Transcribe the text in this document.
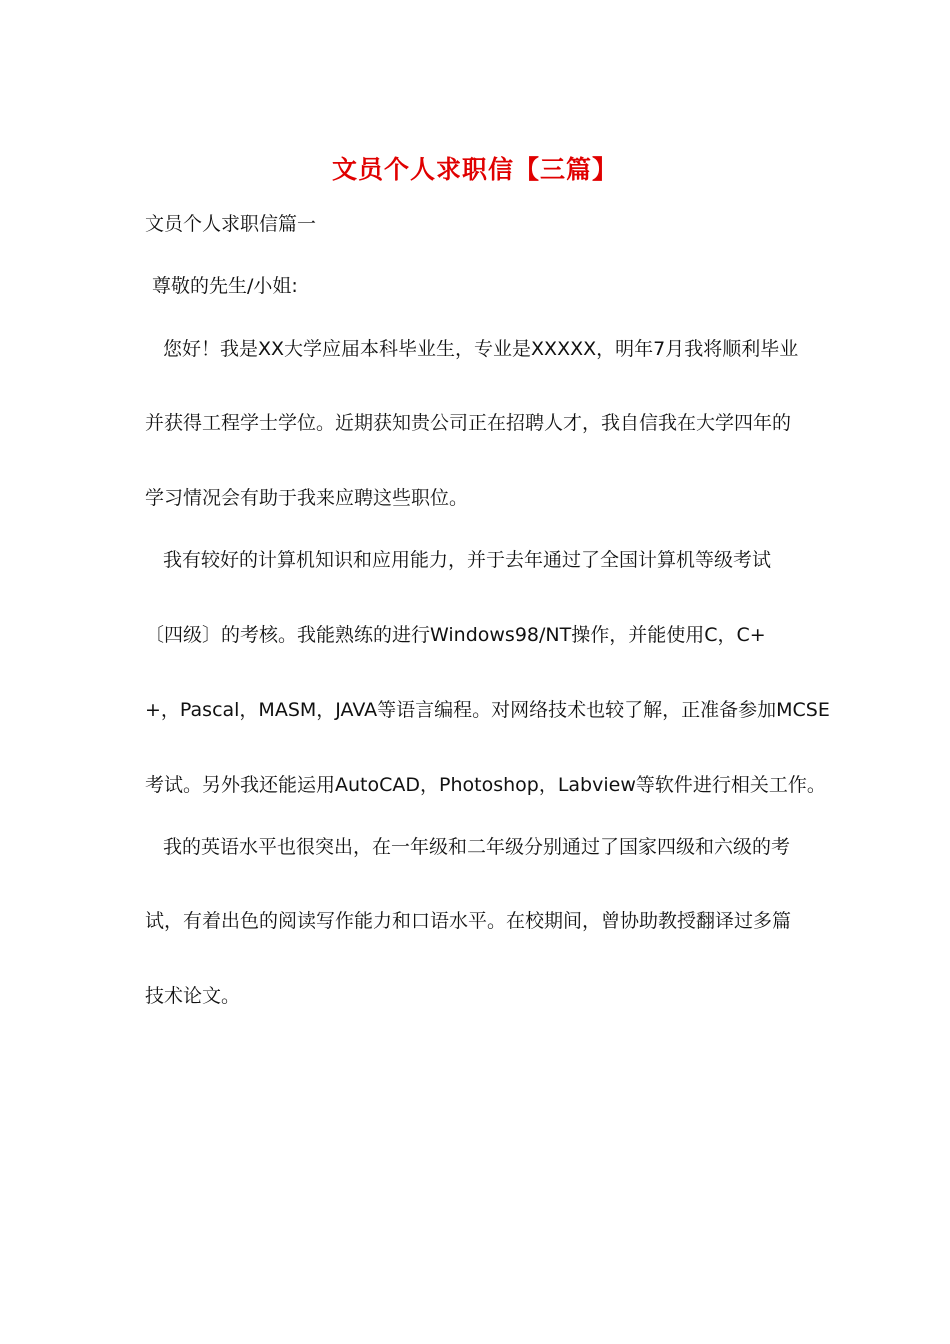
文员个人求职信【三篇】

文员个人求职信篇一

尊敬的先生/小姐:

您好！我是XX大学应届本科毕业生，专业是XXXXX，明年7月我将顺利毕业

并获得工程学士学位。近期获知贵公司正在招聘人才，我自信我在大学四年的

学习情况会有助于我来应聘这些职位。

我有较好的计算机知识和应用能力，并于去年通过了全国计算机等级考试

〔四级〕的考核。我能熟练的进行Windows98/NT操作，并能使用C，C+

+，Pascal，MASM，JAVA等语言编程。对网络技术也较了解，正准备参加MCSE

考试。另外我还能运用AutoCAD，Photoshop，Labview等软件进行相关工作。

我的英语水平也很突出，在一年级和二年级分别通过了国家四级和六级的考

试，有着出色的阅读写作能力和口语水平。在校期间，曾协助教授翻译过多篇

技术论文。
